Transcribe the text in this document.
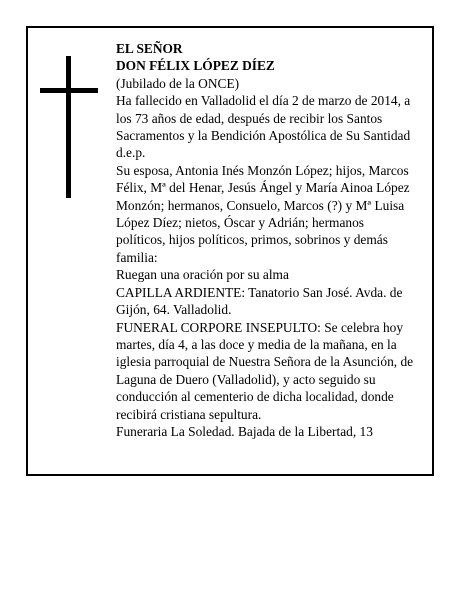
EL SEÑOR
DON FÉLIX LÓPEZ DÍEZ
(Jubilado de la ONCE)
Ha fallecido en Valladolid el día 2 de marzo de 2014, a
los 73 años de edad, después de recibir los Santos
Sacramentos y la Bendición Apostólica de Su Santidad
d.e.p.
Su esposa, Antonia Inés Monzón López; hijos, Marcos
Félix, Mª del Henar, Jesús Ángel y María Ainoa López
Monzón; hermanos, Consuelo, Marcos (?) y Mª Luisa
López Díez; nietos, Óscar y Adrián; hermanos
políticos, hijos políticos, primos, sobrinos y demás
familia:
Ruegan una oración por su alma
CAPILLA ARDIENTE: Tanatorio San José. Avda. de
Gijón, 64. Valladolid.
FUNERAL CORPORE INSEPULTO: Se celebra hoy
martes, día 4, a las doce y media de la mañana, en la
iglesia parroquial de Nuestra Señora de la Asunción, de
Laguna de Duero (Valladolid), y acto seguido su
conducción al cementerio de dicha localidad, donde
recibirá cristiana sepultura.
Funeraria La Soledad. Bajada de la Libertad, 13
